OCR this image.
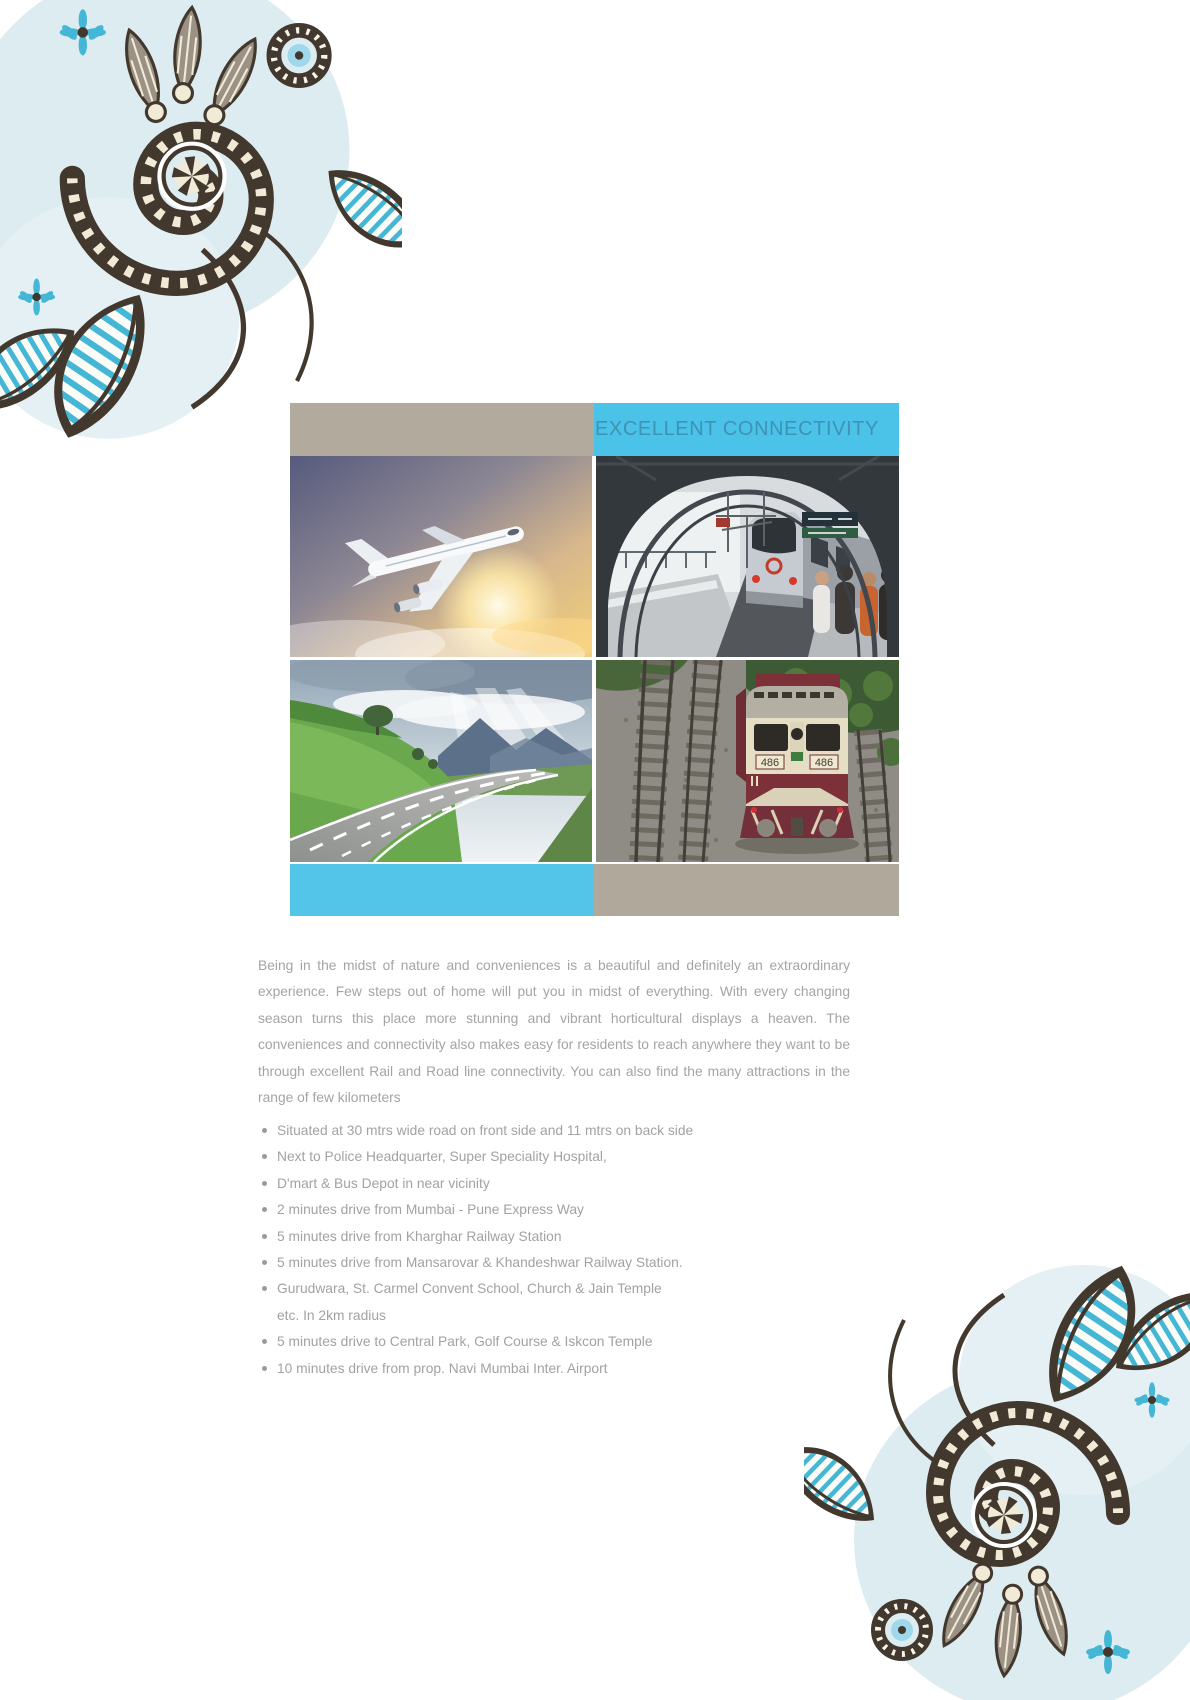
EXCELLENT CONNECTIVITY
486	486

Being in the midst of nature and conveniences is a beautiful and definitely an extraordinary experience. Few steps out of home will put you in midst of everything. With every changing season turns this place more stunning and vibrant horticultural displays a heaven. The conveniences and connectivity also makes easy for residents to reach anywhere they want to be through excellent Rail and Road line connectivity. You can also find the many attractions in the range of few kilometers

Situated at 30 mtrs wide road on front side and 11 mtrs on back side
Next to Police Headquarter, Super Speciality Hospital,
D'mart & Bus Depot in near vicinity
2 minutes drive from Mumbai - Pune Express Way
5 minutes drive from Kharghar Railway Station
5 minutes drive from Mansarovar & Khandeshwar Railway Station.
Gurudwara, St. Carmel Convent School, Church & Jain Temple
etc. In 2km radius
5 minutes drive to Central Park, Golf Course & Iskcon Temple
10 minutes drive from prop. Navi Mumbai Inter. Airport
